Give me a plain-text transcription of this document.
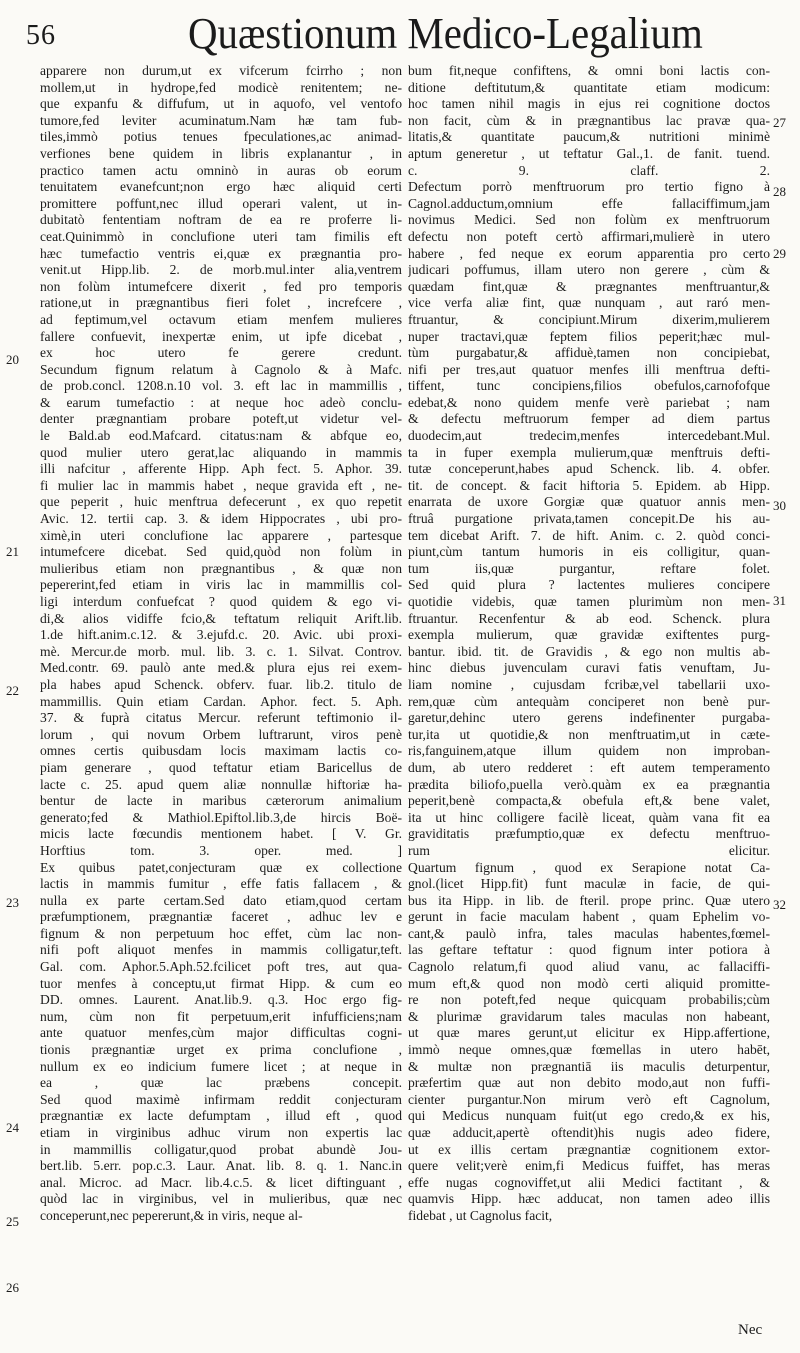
56	Quæstionum Medico-Legalium
apparere non durum,ut ex vifcerum fcirrho ; non
mollem,ut in hydrope,fed modicè renitentem; ne-
que expanfu & diffufum, ut in aquofo, vel ventofo
tumore,fed leviter acuminatum.Nam hæ tam fub-
tiles,immò potius tenues fpeculationes,ac animad-
verfiones bene quidem in libris explanantur , in
practico tamen actu omninò in auras ob eorum
tenuitatem evanefcunt;non ergo hæc aliquid certi
promittere poffunt,nec illud operari valent, ut in-
dubitatò fententiam noftram de ea re proferre li-
ceat.Quinimmò in conclufione uteri tam fimilis eft
hæc tumefactio ventris ei,quæ ex prægnantia pro-
venit.ut Hipp.lib. 2. de morb.mul.inter alia,ventrem
non folùm intumefcere dixerit , fed pro temporis
ratione,ut in prægnantibus fieri folet , increfcere ,
ad feptimum,vel octavum etiam menfem mulieres
fallere confuevit, inexpertæ enim, ut ipfe dicebat ,
ex hoc utero fe gerere credunt.
Secundum fignum relatum à Cagnolo & à Mafc.
de prob.concl. 1208.n.10 vol. 3. eft lac in mammillis ,
& earum tumefactio : at neque hoc adeò conclu-
denter prægnantiam probare poteft,ut videtur vel-
le Bald.ab eod.Mafcard. citatus:nam & abfque eo,
quod mulier utero gerat,lac aliquando in mammis
illi nafcitur , afferente Hipp. Aph fect. 5. Aphor. 39.
fi mulier lac in mammis habet , neque gravida eft , ne-
que peperit , huic menftrua defecerunt , ex quo repetit
Avic. 12. tertii cap. 3. & idem Hippocrates , ubi pro-
ximè,in uteri conclufione lac apparere , partesque
intumefcere dicebat. Sed quid,quòd non folùm in
mulieribus etiam non prægnantibus , & quæ non
pepererint,fed etiam in viris lac in mammillis col-
ligi interdum confuefcat ? quod quidem & ego vi-
di,& alios vidiffe fcio,& teftatum reliquit Arift.lib.
1.de hift.anim.c.12. & 3.ejufd.c. 20. Avic. ubi proxi-
mè. Mercur.de morb. mul. lib. 3. c. 1. Silvat. Controv.
Med.contr. 69. paulò ante med.& plura ejus rei exem-
pla habes apud Schenck. obferv. fuar. lib.2. titulo de
mammillis. Quin etiam Cardan. Aphor. fect. 5. Aph.
37. & fuprà citatus Mercur. referunt teftimonio il-
lorum , qui novum Orbem luftrarunt, viros penè
omnes certis quibusdam locis maximam lactis co-
piam generare , quod teftatur etiam Baricellus de
lacte c. 25. apud quem aliæ nonnullæ hiftoriæ ha-
bentur de lacte in maribus cæterorum animalium
generato;fed & Mathiol.Epiftol.lib.3,de hircis Boë-
micis lacte fœcundis mentionem habet. [ V. Gr.
Horftius tom. 3. oper. med. ]
Ex quibus patet,conjecturam quæ ex collectione
lactis in mammis fumitur , effe fatis fallacem , &
nulla ex parte certam.Sed dato etiam,quod certam
præfumptionem, prægnantiæ faceret , adhuc lev e
fignum & non perpetuum hoc effet, cùm lac non-
nifi poft aliquot menfes in mammis colligatur,teft.
Gal. com. Aphor.5.Aph.52.fcilicet poft tres, aut qua-
tuor menfes à conceptu,ut firmat Hipp. & cum eo
DD. omnes. Laurent. Anat.lib.9. q.3. Hoc ergo fig-
num, cùm non fit perpetuum,erit infufficiens;nam
ante quatuor menfes,cùm major difficultas cogni-
tionis prægnantiæ urget ex prima conclufione ,
nullum ex eo indicium fumere licet ; at neque in
ea , quæ lac præbens concepit.
Sed quod maximè infirmam reddit conjecturam
prægnantiæ ex lacte defumptam , illud eft , quod
etiam in virginibus adhuc virum non expertis lac
in mammillis colligatur,quod probat abundè Jou-
bert.lib. 5.err. pop.c.3. Laur. Anat. lib. 8. q. 1. Nanc.in
anal. Microc. ad Macr. lib.4.c.5. & licet diftinguant ,
quòd lac in virginibus, vel in mulieribus, quæ nec
conceperunt,nec pepererunt,& in viris, neque al-
bum fit,neque confiftens, & omni boni lactis con-
ditione deftitutum,& quantitate etiam modicum:
hoc tamen nihil magis in ejus rei cognitione doctos
non facit, cùm & in prægnantibus lac pravæ qua-
litatis,& quantitate paucum,& nutritioni minimè
aptum generetur , ut teftatur Gal.,1. de fanit. tuend.
c. 9. claff. 2.
Defectum porrò menftruorum pro tertio figno à
Cagnol.adductum,omnium effe fallaciffimum,jam
novimus Medici. Sed non folùm ex menftruorum
defectu non poteft certò affirmari,mulierè in utero
habere , fed neque ex eorum apparentia pro certo
judicari poffumus, illam utero non gerere , cùm &
quædam fint,quæ & prægnantes menftruantur,&
vice verfa aliæ fint, quæ nunquam , aut raró men-
ftruantur, & concipiunt.Mirum dixerim,mulierem
nuper tractavi,quæ feptem filios peperit;hæc mul-
tùm purgabatur,& affiduè,tamen non concipiebat,
nifi per tres,aut quatuor menfes illi menftrua defti-
tiffent, tunc concipiens,filios obefulos,carnofofque
edebat,& nono quidem menfe verè pariebat ; nam
& defectu meftruorum femper ad diem partus
duodecim,aut tredecim,menfes intercedebant.Mul.
ta in fuper exempla mulierum,quæ menftruis defti-
tutæ conceperunt,habes apud Schenck. lib. 4. obfer.
tit. de concept. & facit hiftoria 5. Epidem. ab Hipp.
enarrata de uxore Gorgiæ quæ quatuor annis men-
ftruâ purgatione privata,tamen concepit.De his au-
tem dicebat Arift. 7. de hift. Anim. c. 2. quòd conci-
piunt,cùm tantum humoris in eis colligitur, quan-
tum iis,quæ purgantur, reftare folet.
Sed quid plura ? lactentes mulieres concipere
quotidie videbis, quæ tamen plurimùm non men-
ftruantur. Recenfentur & ab eod. Schenck. plura
exempla mulierum, quæ gravidæ exiftentes purg-
bantur. ibid. tit. de Gravidis , & ego non multis ab-
hinc diebus juvenculam curavi fatis venuftam, Ju-
liam nomine , cujusdam fcribæ,vel tabellarii uxo-
rem,quæ cùm antequàm conciperet non benè pur-
garetur,dehinc utero gerens indefinenter purgaba-
tur,ita ut quotidie,& non menftruatim,ut in cæte-
ris,fanguinem,atque illum quidem non improban-
dum, ab utero redderet : eft autem temperamento
prædita biliofo,puella verò.quàm ex ea prægnantia
peperit,benè compacta,& obefula eft,& bene valet,
ita ut hinc colligere facilè liceat, quàm vana fit ea
graviditatis præfumptio,quæ ex defectu menftruo-
rum elicitur.
Quartum fignum , quod ex Serapione notat Ca-
gnol.(licet Hipp.fit) funt maculæ in facie, de qui-
bus ita Hipp. in lib. de fteril. prope princ. Quæ utero
gerunt in facie maculam habent , quam Ephelim vo-
cant,& paulò infra, tales maculas habentes,fœmel-
las geftare teftatur : quod fignum inter potiora à
Cagnolo relatum,fi quod aliud vanu, ac fallaciffi-
mum eft,& quod non modò certi aliquid promitte-
re non poteft,fed neque quicquam probabilis;cùm
& plurimæ gravidarum tales maculas non habeant,
ut quæ mares gerunt,ut elicitur ex Hipp.affertione,
immò neque omnes,quæ fœmellas in utero habēt,
& multæ non prægnantiā iis maculis deturpentur,
præfertim quæ aut non debito modo,aut non fuffi-
cienter purgantur.Non mirum verò eft Cagnolum,
qui Medicus nunquam fuit(ut ego credo,& ex his,
quæ adducit,apertè oftendit)his nugis adeo fidere,
ut ex illis certam prægnantiæ cognitionem extor-
quere velit;verè enim,fi Medicus fuiffet, has meras
effe nugas cognoviffet,ut alii Medici factitant , &
quamvis Hipp. hæc adducat, non tamen adeo illis
fidebat , ut Cagnolus facit,
20
21
22
23
24
25
26
27
28
29
30
31
32
Nec
